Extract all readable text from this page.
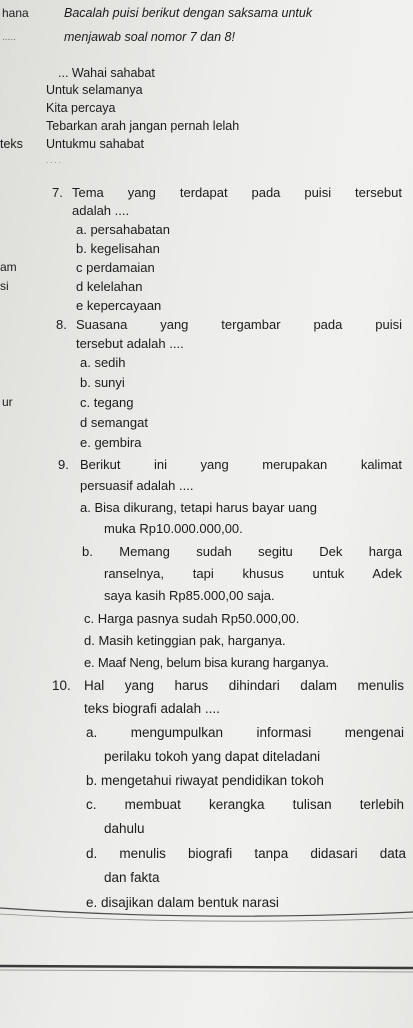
hana	Bacalah puisi berikut dengan saksama untuk
.....	menjawab soal nomor 7 dan 8!
... Wahai sahabat
Untuk selamanya
Kita percaya
Tebarkan arah jangan pernah lelah
teks Untukmu sahabat
....
7. Tema yang terdapat pada puisi tersebut
adalah ....
a. persahabatan
b. kegelisahan
am	c perdamaian
si	d kelelahan
e kepercayaan
8. Suasana yang tergambar pada puisi
tersebut adalah ....
a. sedih
b. sunyi
ur	c. tegang
d semangat
e. gembira
9. Berikut ini yang merupakan kalimat
persuasif adalah ....
a. Bisa dikurang, tetapi harus bayar uang
muka Rp10.000.000,00.
b. Memang sudah segitu Dek harga
ranselnya, tapi khusus untuk Adek
saya kasih Rp85.000,00 saja.
c. Harga pasnya sudah Rp50.000,00.
d. Masih ketinggian pak, harganya.
e. Maaf Neng, belum bisa kurang harganya.
10. Hal yang harus dihindari dalam menulis
teks biografi adalah ....
a. mengumpulkan informasi mengenai
perilaku tokoh yang dapat diteladani
b. mengetahui riwayat pendidikan tokoh
c. membuat kerangka tulisan terlebih
dahulu
d. menulis biografi tanpa didasari data
dan fakta
e. disajikan dalam bentuk narasi
